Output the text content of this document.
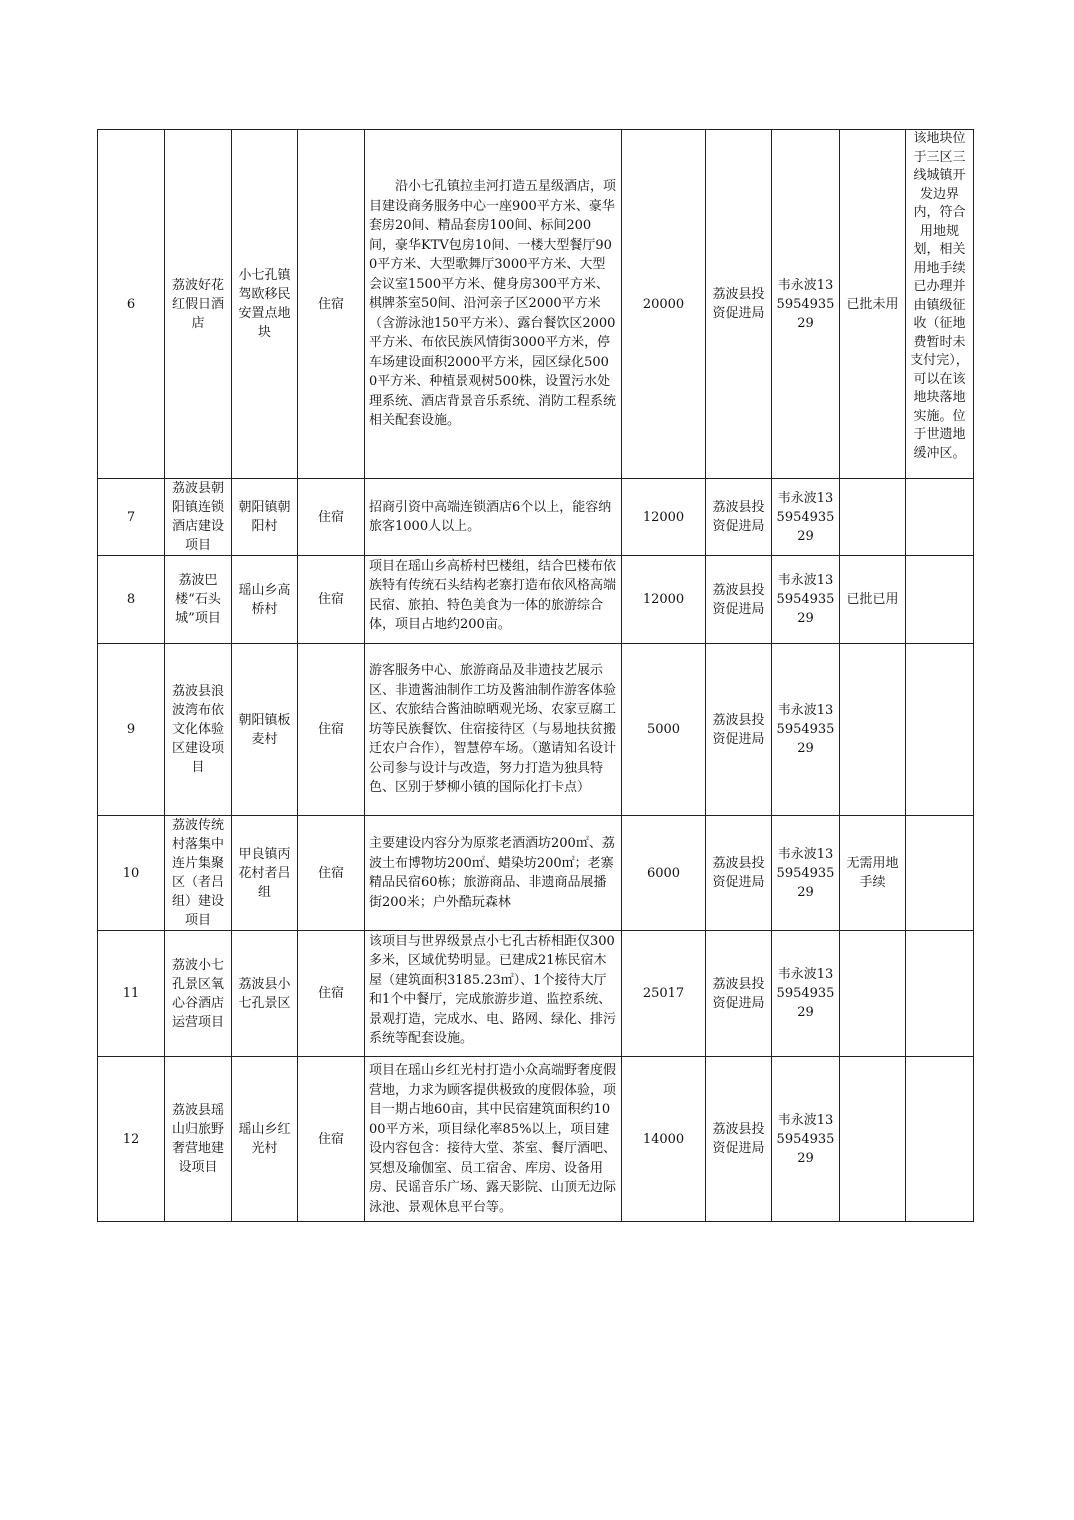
6	荔波好花红假日酒店	小七孔镇驾欧移民安置点地块	住宿	沿小七孔镇拉圭河打造五星级酒店，项目建设商务服务中心一座900平方米、豪华套房20间、精品套房100间、标间200间，豪华KTV包房10间、一楼大型餐厅900平方米、大型歌舞厅3000平方米、大型会议室1500平方米、健身房300平方米、棋牌茶室50间、沿河亲子区2000平方米（含游泳池150平方米）、露台餐饮区2000平方米、布依民族风情街3000平方米，停车场建设面积2000平方米，园区绿化5000平方米、种植景观树500株，设置污水处理系统、酒店背景音乐系统、消防工程系统相关配套设施。	20000	荔波县投资促进局	韦永波13595493529	已批未用	该地块位于三区三线城镇开发边界内，符合用地规划，相关用地手续已办理并由镇级征收（征地费暂时未支付完），可以在该地块落地实施。位于世遗地缓冲区。

7	荔波县朝阳镇连锁酒店建设项目	朝阳镇朝阳村	住宿	招商引资中高端连锁酒店6个以上，能容纳旅客1000人以上。	12000	荔波县投资促进局	韦永波13595493529		
8	荔波巴楼“石头城”项目	瑶山乡高桥村	住宿	项目在瑶山乡高桥村巴楼组，结合巴楼布依族特有传统石头结构老寨打造布依风格高端民宿、旅拍、特色美食为一体的旅游综合体，项目占地约200亩。	12000	荔波县投资促进局	韦永波13595493529	已批已用	
9	荔波县浪波湾布依文化体验区建设项目	朝阳镇板麦村	住宿	游客服务中心、旅游商品及非遗技艺展示区、非遗酱油制作工坊及酱油制作游客体验区、农旅结合酱油晾晒观光场、农家豆腐工坊等民族餐饮、住宿接待区（与易地扶贫搬迁农户合作），智慧停车场。（邀请知名设计公司参与设计与改造，努力打造为独具特色、区别于梦柳小镇的国际化打卡点）	5000	荔波县投资促进局	韦永波13595493529		
10	荔波传统村落集中连片集聚区（者吕组）建设项目	甲良镇丙花村者吕组	住宿	主要建设内容分为原浆老酒酒坊200㎡、荔波土布博物坊200㎡、蜡染坊200㎡；老寨精品民宿60栋；旅游商品、非遗商品展播街200米；户外酷玩森林	6000	荔波县投资促进局	韦永波13595493529	无需用地手续	
11	荔波小七孔景区氧心谷酒店运营项目	荔波县小七孔景区	住宿	该项目与世界级景点小七孔古桥相距仅300多米，区域优势明显。已建成21栋民宿木屋（建筑面积3185.23㎡）、1个接待大厅和1个中餐厅，完成旅游步道、监控系统、景观打造，完成水、电、路网、绿化、排污系统等配套设施。	25017	荔波县投资促进局	韦永波13595493529		
12	荔波县瑶山归旅野奢营地建设项目	瑶山乡红光村	住宿	项目在瑶山乡红光村打造小众高端野奢度假营地，力求为顾客提供极致的度假体验，项目一期占地60亩，其中民宿建筑面积约1000平方米，项目绿化率85%以上，项目建设内容包含：接待大堂、茶室、餐厅酒吧、冥想及瑜伽室、员工宿舍、库房、设备用房、民谣音乐广场、露天影院、山顶无边际泳池、景观休息平台等。	14000	荔波县投资促进局	韦永波13595493529		
